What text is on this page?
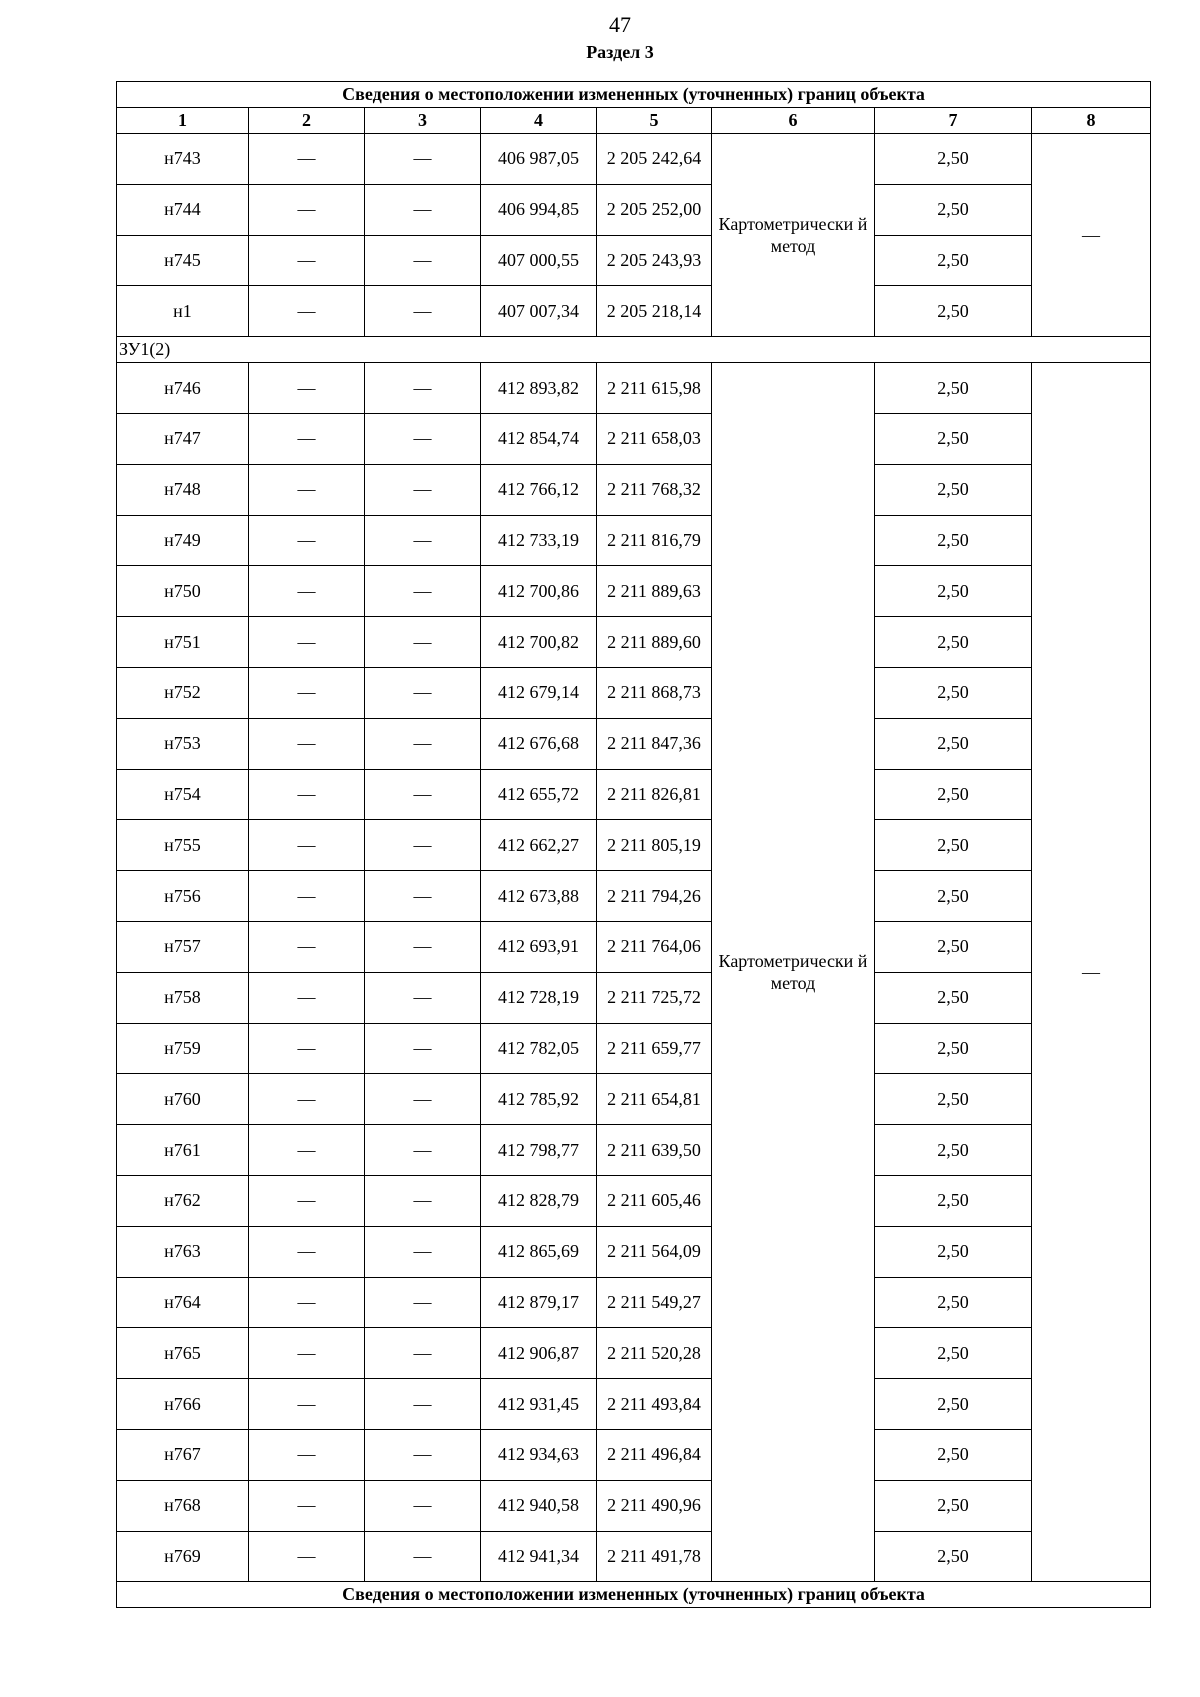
47
Раздел 3
Сведения о местоположении измененных (уточненных) границ объекта							
1	2	3	4	5	6	7	8
н743	—	—	406 987,05	2 205 242,64	Картометрически й метод	2,50	—
н744	—	—	406 994,85	2 205 252,00		2,50	
н745	—	—	407 000,55	2 205 243,93		2,50	
н1	—	—	407 007,34	2 205 218,14		2,50	
ЗУ1(2)							
н746	—	—	412 893,82	2 211 615,98	Картометрически й метод	2,50	—
н747	—	—	412 854,74	2 211 658,03		2,50	
н748	—	—	412 766,12	2 211 768,32		2,50	
н749	—	—	412 733,19	2 211 816,79		2,50	
н750	—	—	412 700,86	2 211 889,63		2,50	
н751	—	—	412 700,82	2 211 889,60		2,50	
н752	—	—	412 679,14	2 211 868,73		2,50	
н753	—	—	412 676,68	2 211 847,36		2,50	
н754	—	—	412 655,72	2 211 826,81		2,50	
н755	—	—	412 662,27	2 211 805,19		2,50	
н756	—	—	412 673,88	2 211 794,26		2,50	
н757	—	—	412 693,91	2 211 764,06		2,50	
н758	—	—	412 728,19	2 211 725,72		2,50	
н759	—	—	412 782,05	2 211 659,77		2,50	
н760	—	—	412 785,92	2 211 654,81		2,50	
н761	—	—	412 798,77	2 211 639,50		2,50	
н762	—	—	412 828,79	2 211 605,46		2,50	
н763	—	—	412 865,69	2 211 564,09		2,50	
н764	—	—	412 879,17	2 211 549,27		2,50	
н765	—	—	412 906,87	2 211 520,28		2,50	
н766	—	—	412 931,45	2 211 493,84		2,50	
н767	—	—	412 934,63	2 211 496,84		2,50	
н768	—	—	412 940,58	2 211 490,96		2,50	
н769	—	—	412 941,34	2 211 491,78		2,50	
Сведения о местоположении измененных (уточненных) границ объекта							
